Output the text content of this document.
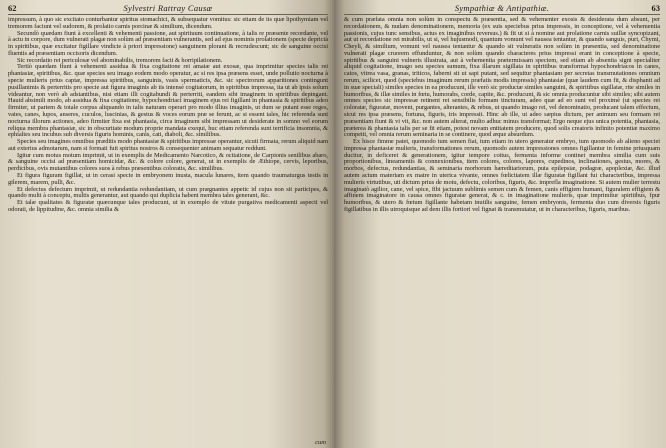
62	Sylvestri Rattray Causæ

impressum, à quo sic excitato conturbantur spiritus stomachici, & subsequatur vomitus: sic etiam de iis quæ lipothymiam vel tremorem faciunt vel sudorem, & prolatio carnis porcinæ & similium, dicendum.

Secundò quædam fiunt à excellenti & vehementi passione, aut spirituum continuatione, à talis re præsente recordante, vel à actu in corpore, dum vulnerati plagæ non solùm ad præsentiam vulnerantis, sed ad ejus nominis prolationem (specie deprictà in spiritibus, quæ excitatur figillare vindicte à priori impressione) sanguinem plorant & recrudescunt; sic de sanguine occisi fluentis ad præsentiam occisoris dicendum.

Sic recordatio rei periculosæ vel abominabilis, tremorem facit & horripilationem.

Tertiò quædam fiunt à vehementi assidua & fixa cogitatione rei amatæ aut exosæ, qua imprimitur species talis rei phantasiæ, spiritibus, &c. quæ species seu imago eodem modo operatur, ac si res ipsa præsens esset, unde pollutio nocturna à specie mulieris prius captæ, impressa spiritibus, sanguinis, vasis spermaticis, &c. sic spectrorum apparitiones contingunt pusillanimis & perterritis pro specie aut figura imaginis ab iis intensè cogitatorum, in spiritibus impressa, ita ut ab ipsis solum videantur, non verò ab adstantibus, nisi etiam illi cogitabundi & perterriti, eandem sibi imaginem in spiritibus depingant. Hauid absimili modo, ab assidua & fixa cogitatione, hypochondriaci imaginem ejus rei figillant in phantasia & spiritibus adeo firmiter, ut partem & totale corpus aliquando in talis naturam operari pro modo illius imaginis, ut dum se putant esse reges, vates, canes, lupos, anseres, cuculos, luscinias, & gestus & voces eorum præ se ferunt, ac si essent tales, hic referenda sunt nocturna illorum actiones, adeo firmiter fixa est phantasia, circa imaginem sibi impressam ut desiderate in somno vel eorum reliqua membra phantasiæ, sic in obscuritate modum proprie mandata exequi, huc etiam referenda sunt terrificia insomnia, & ephialtes seu incubus sub diversis figuris hominis, canis, cati, diaboli, &c. similibus.

Species seu imagines omnibus præditis modo phantasiæ & spiritibus impressæ operantur, sicuti firmata, rerum aliquid nam aut exterius admotarum, nam si formati fuit spiritus nostros & consequenter animam sequatur reddunt.

Igitur cum motus motum imprimit, ut in exemplis de Medicamento Narcotico, & ocitatione, de Carpionis senilibus abaro, & sanguine occisi ad præsentiam homicidæ, &c. & colore colore, generat, ut in exemplis de Æthiope, cervis, leporibus, perdicibus, ovis mutantibus colores suos à rebus præsentibus coloratis, &c. similibus.

Et figura figuram figillat, ut in cerasi specie in embryonem inusta, macula lunares, item quando traumaturgus testis in gilerem, marem, pulli, &c.

Et defectus defectum imprimit, ut redundantia redundantiam, ut cum prægnantes appetic id cujus non sit participes, & quando multi à conceptu, multis generantur, aut quando qui duplicia habent membra tales generant, &c.

Et talæ qualitates & figuratæ quæcunque tales producunt, ut in exemplo de vitute purgativa medicamenti aspecti vel odorati, de lippitudine, &c. omnia similia &

cum
Sympathiæ & Antipathiæ.	63

& cum præfata omnia non solùm in conspectu & præsentia, sed & vehementer exosis & desiderata dum absunt, per recordationem, & nudam denominationem, memoria (ex suis speciebus prius impressis, in conceptione, vel à vehementia passionis, cujus tunc sensibus, actus ex imaginibus reversus.) & fit ut si à nomine aut prolatione carnis suillæ syncopizant, aut ut recordatione rei mirabilis, ut si, vel hujusmodi, quantum vomunt vel nausea tentantur, & quando sanguis, puri, Chymi, Cheyli, & similium, vomunt vel nausea tentantur & quando sit vulneratis non solùm in præsentia, sed denominatione vulnerati plagæ cruorem effunduntur, & non solùm quando characteres prius impressi erant in conceptione à specie, spiritibus & sanguini vulneris illustrata, aut à vehementia prætermissam speciem, sed etiam ab absentia signi specialiter aliquid cogitatione, imago seu species sumum, fixa illarum sigillata in spiritibus transformat hypochondriacos in canes, catos, vitrea vasa, granas, triticos, faberni sit ut sapi putant, sed sequitur phantasiam per secretas transmutationes omnium rerum, scilicet, quod (speciebus imaginum rerum præfatis modis impressis) phantasiæ (quæ laudem cum fit, & disphanti ad in suæ speciali) similes species in ea producunt, ille verò sic productæ similes sanguini, & spiritibus sigillatæ, rite similes in humoribus, & illæ similes in fœtu, humorabs, corde, capite, &c. producunt, & sic omnia producuntur sibi similes; sibi autem omnes species sic impressæ retinent rei sensibilis formam tincturam, adeo quæ ad eo sunt vel proximè (ut species rei coloratæ, figuratæ, movent, purgantes, alterantes, & rebus, ut quando imago rei, vel denominatio, producant talem effectum, sicut res ipsa præsens, fortuna, figuris, iris impressit. Hinc ab ille, ut adeo sæpius dictum, per animum seu formam rei præsentiam fiunt & vi vit, &c. non autem alterat, multo adhuc minus transformat; Ergo neque ejus unica potentia, phantasia, præterea & phantasia talis per se fit etiam, potest novam entitatem producere, quod solis creatoris infinito potentiæ maximo competit, vel omnia rerum seminaria in se continere, quod æque absurdum.

Ex hisce fimme patet, quomodo tum semen fiat, tum etiam in utero generatur embryo, tum quomodo ab alieno speciei impressa phantasiæ mulieris, transformationes rerum, quomodo autem impressiones omnes figillantur in femine priusquam ducitur, in deficeret & generationem, igitur tempore coitus, fermenta informe continet membra similia cum suis proportionibus, lineamentis & connexionibus, item colores, colores, lapores, cupedinos, inclinationes, gestus, mores, & morbos, defectus, redundantias, & seminaria morborum hæreditariorum, puta epilepsiæ, podagræ, apoplexiæ, &c. illud autem actum materiam ex matre in uterica vivante, omnes fœlicitatem illæ figuratæ figillant fui characteribus, impressa mulieris virtutibus, uti dictum prius de motu, defectu, coloribus, figuris, &c. imprefla imaginatione. Si autem mulier terrestu imaginatò agilior, cane, vel spice, fibi jactuum sublimis semen cum & femen, canis effigiem humani, figuralem effigiem & affinem imaginatore in causa omnes figuratæ generat, & c. in imaginatione mulieris, quæ imprimitur spiritibus, fpur humoribus, & utero & fœtum figillante habetam inutilis sanguine, femen embryonis, fermenta duo cum diversis figuris figillatibus in illis utroquisque ad dem illis fortiori vel fignat & transmutatur, ut in characteribus, figuris, maribus.
